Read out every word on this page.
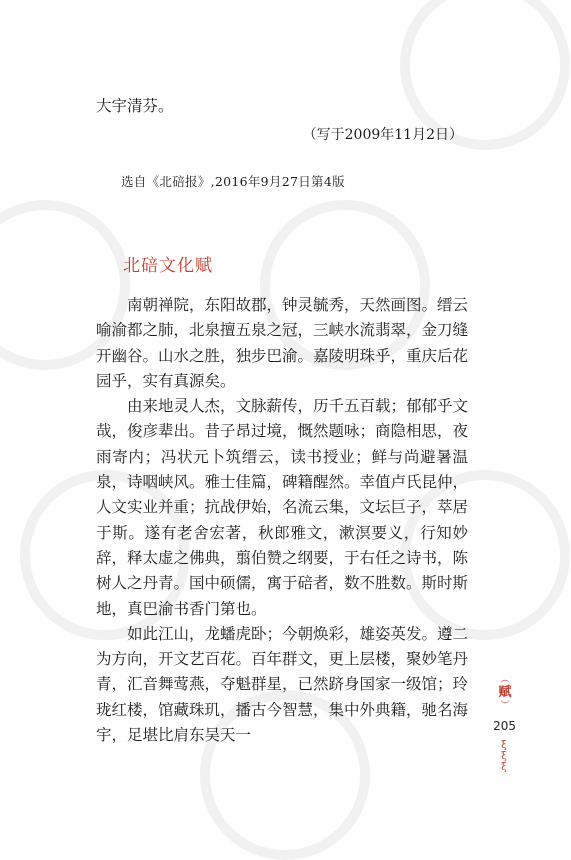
大宇清芬。
（写于2009年11月2日）
选自《北碚报》,2016年9月27日第4版
北碚文化赋

南朝禅院，东阳故郡，钟灵毓秀，天然画图。缙云喻渝都之肺，北泉擅五泉之冠，三峡水流翡翠，金刀缝开幽谷。山水之胜，独步巴渝。嘉陵明珠乎，重庆后花园乎，实有真源矣。

由来地灵人杰，文脉薪传，历千五百载；郁郁乎文哉，俊彦辈出。昔子昂过境，慨然题咏；商隐相思，夜雨寄内；冯状元卜筑缙云，读书授业；鲜与尚避暑温泉，诗咽峡风。雅士佳篇，碑籍醒然。幸值卢氏昆仲，人文实业并重；抗战伊始，名流云集，文坛巨子，萃居于斯。遂有老舍宏著，秋郎雅文，漱溟要义，行知妙辞，释太虚之佛典，翦伯赞之纲要，于右任之诗书，陈树人之丹青。国中硕儒，寓于碚者，数不胜数。斯时斯地，真巴渝书香门第也。

如此江山，龙蟠虎卧；今朝焕彩，雄姿英发。遵二为方向，开文艺百花。百年群文，更上层楼，聚妙笔丹青，汇音舞莺燕，夺魁群星，已然跻身国家一级馆；玲珑红楼，馆藏珠玑，播古今智慧，集中外典籍，驰名海宇，足堪比肩东吴天一

︵
赋
︶
205
ξ
ξ
ξ
